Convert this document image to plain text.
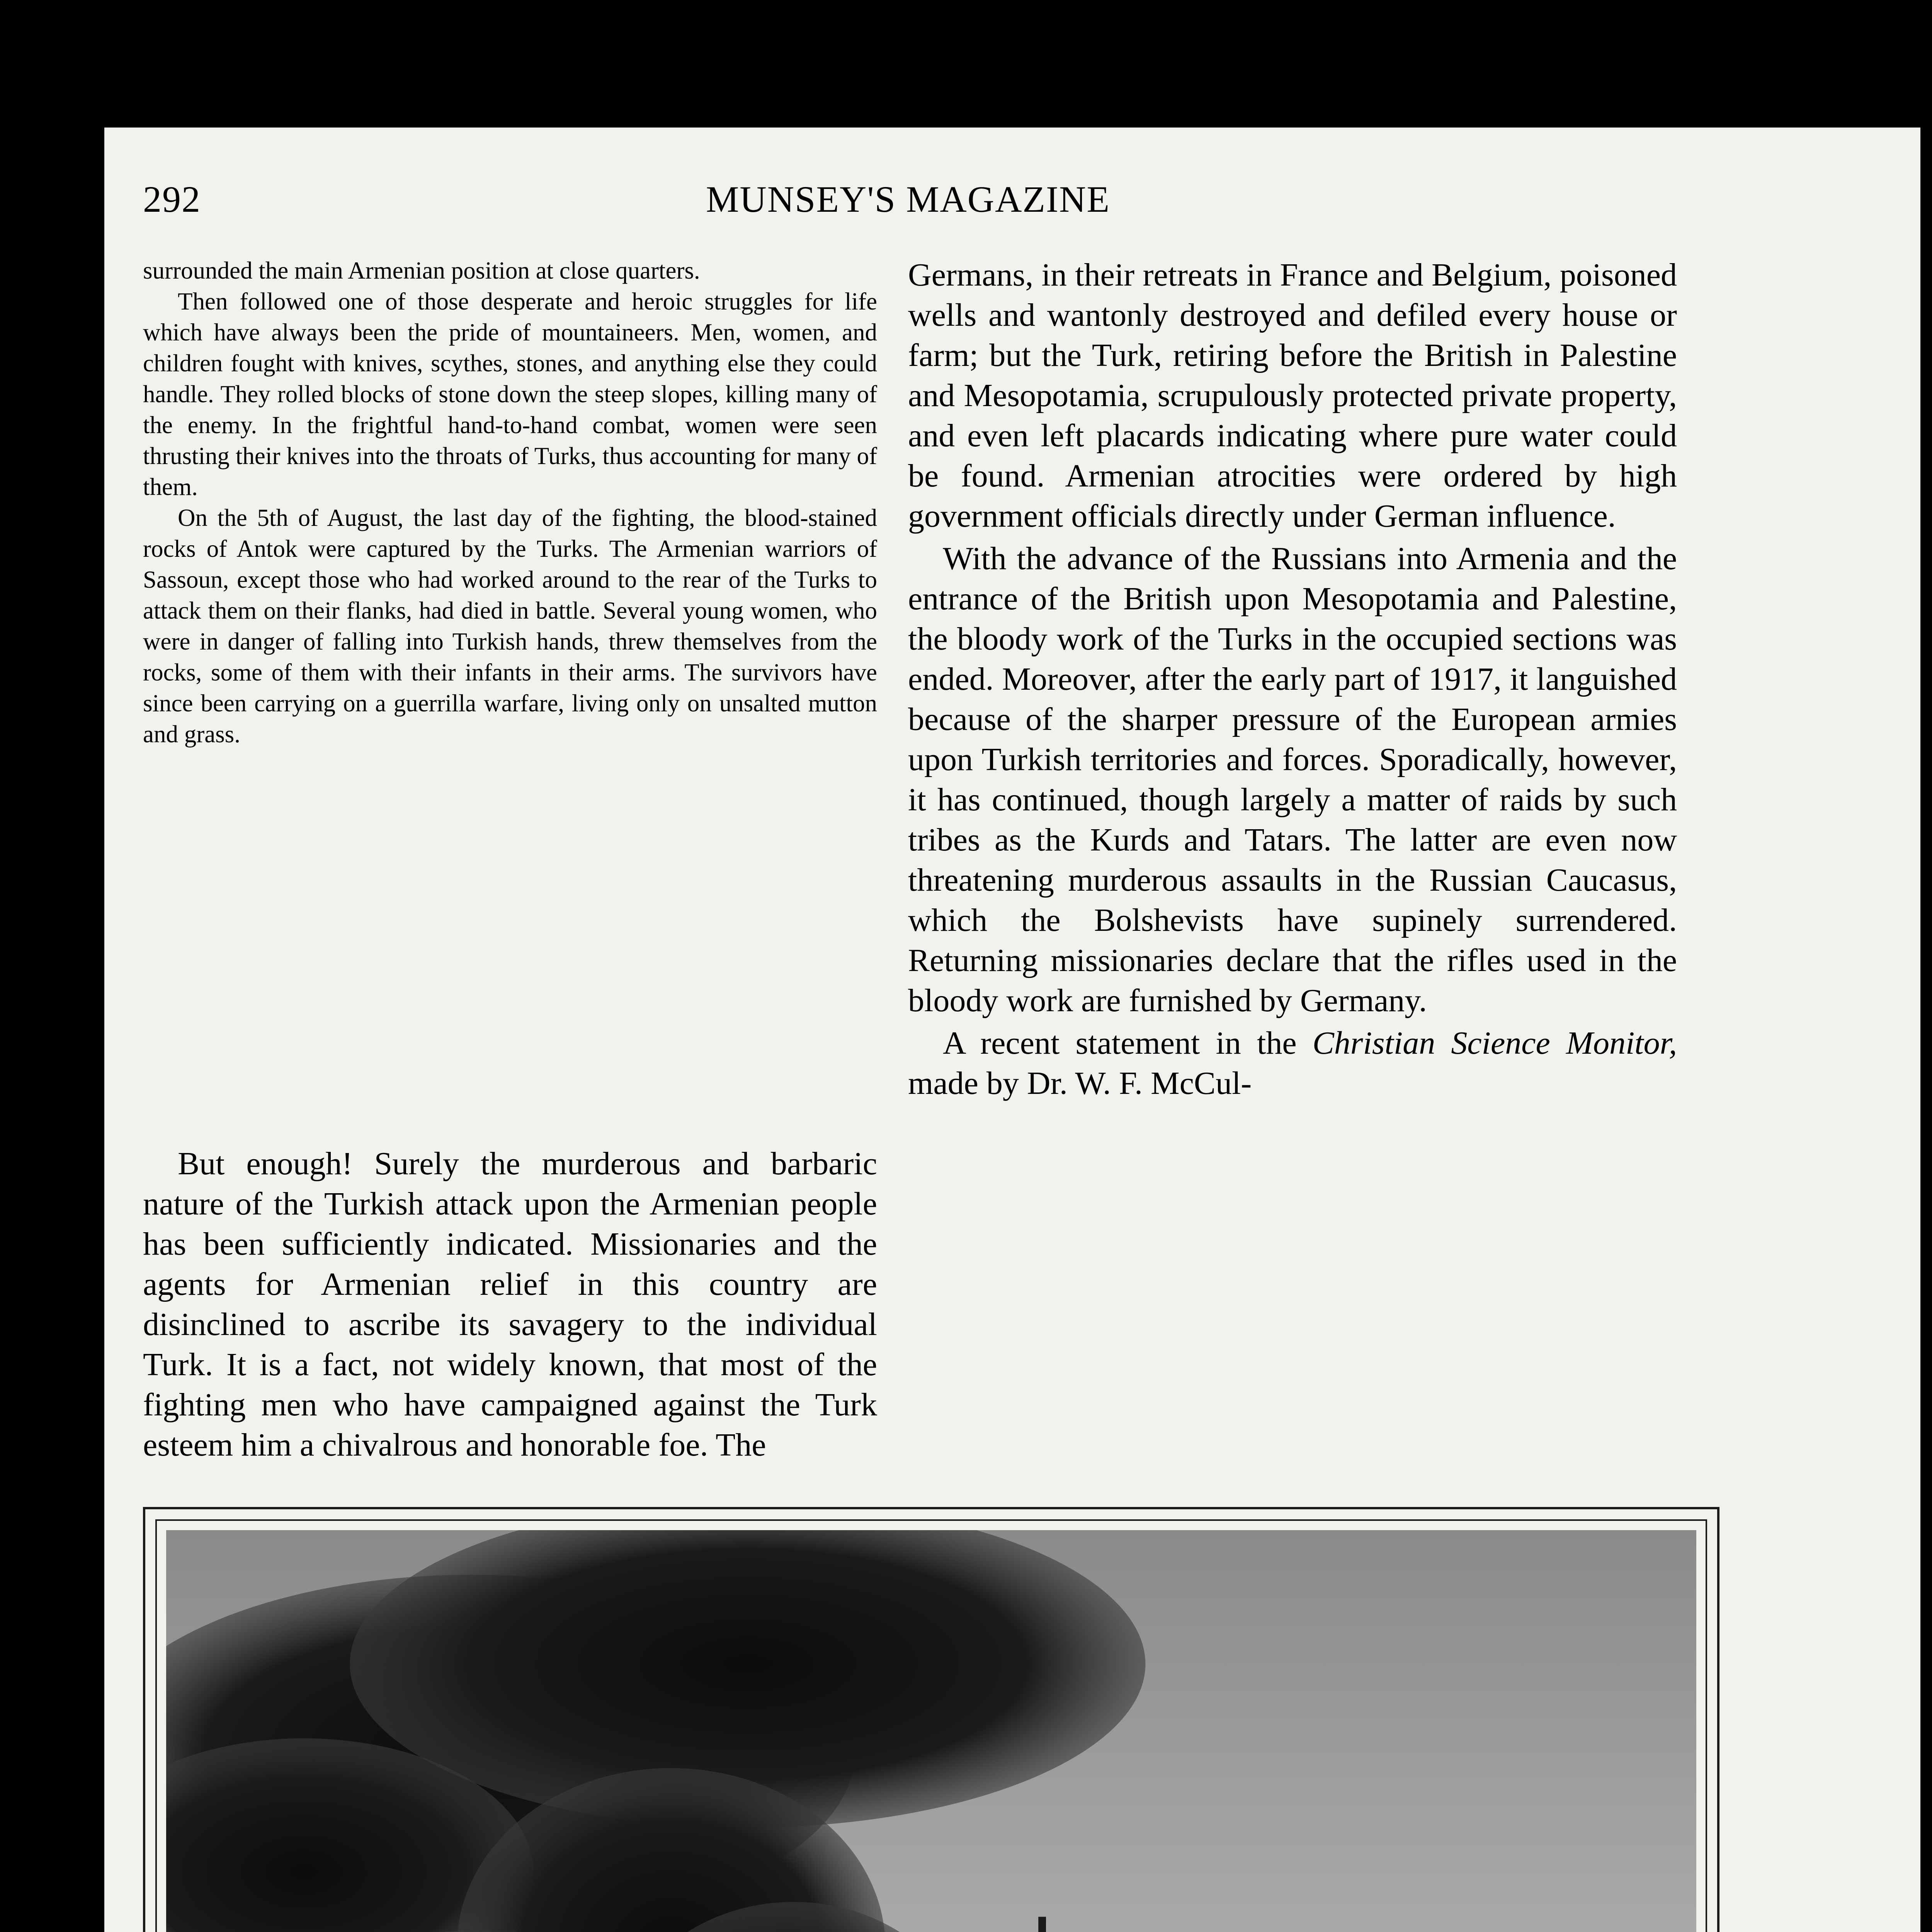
292	MUNSEY'S MAGAZINE

surrounded the main Armenian position at close quarters.

Then followed one of those desperate and heroic struggles for life which have always been the pride of mountaineers. Men, women, and children fought with knives, scythes, stones, and anything else they could handle. They rolled blocks of stone down the steep slopes, killing many of the enemy. In the frightful hand-to-hand combat, women were seen thrusting their knives into the throats of Turks, thus accounting for many of them.

On the 5th of August, the last day of the fighting, the blood-stained rocks of Antok were captured by the Turks. The Armenian warriors of Sassoun, except those who had worked around to the rear of the Turks to attack them on their flanks, had died in battle. Several young women, who were in danger of falling into Turkish hands, threw themselves from the rocks, some of them with their infants in their arms. The survivors have since been carrying on a guerrilla warfare, living only on unsalted mutton and grass.

But enough! Surely the murderous and barbaric nature of the Turkish attack upon the Armenian people has been sufficiently indicated. Missionaries and the agents for Armenian relief in this country are disinclined to ascribe its savagery to the individual Turk. It is a fact, not widely known, that most of the fighting men who have campaigned against the Turk esteem him a chivalrous and honorable foe. The

Germans, in their retreats in France and Belgium, poisoned wells and wantonly destroyed and defiled every house or farm; but the Turk, retiring before the British in Palestine and Mesopotamia, scrupulously protected private property, and even left placards indicating where pure water could be found. Armenian atrocities were ordered by high government officials directly under German influence.

With the advance of the Russians into Armenia and the entrance of the British upon Mesopotamia and Palestine, the bloody work of the Turks in the occupied sections was ended. Moreover, after the early part of 1917, it languished because of the sharper pressure of the European armies upon Turkish territories and forces. Sporadically, however, it has continued, though largely a matter of raids by such tribes as the Kurds and Tatars. The latter are even now threatening murderous assaults in the Russian Caucasus, which the Bolshevists have supinely surrendered. Returning missionaries declare that the rifles used in the bloody work are furnished by Germany.

A recent statement in the Christian Science Monitor, made by Dr. W. F. McCul-
